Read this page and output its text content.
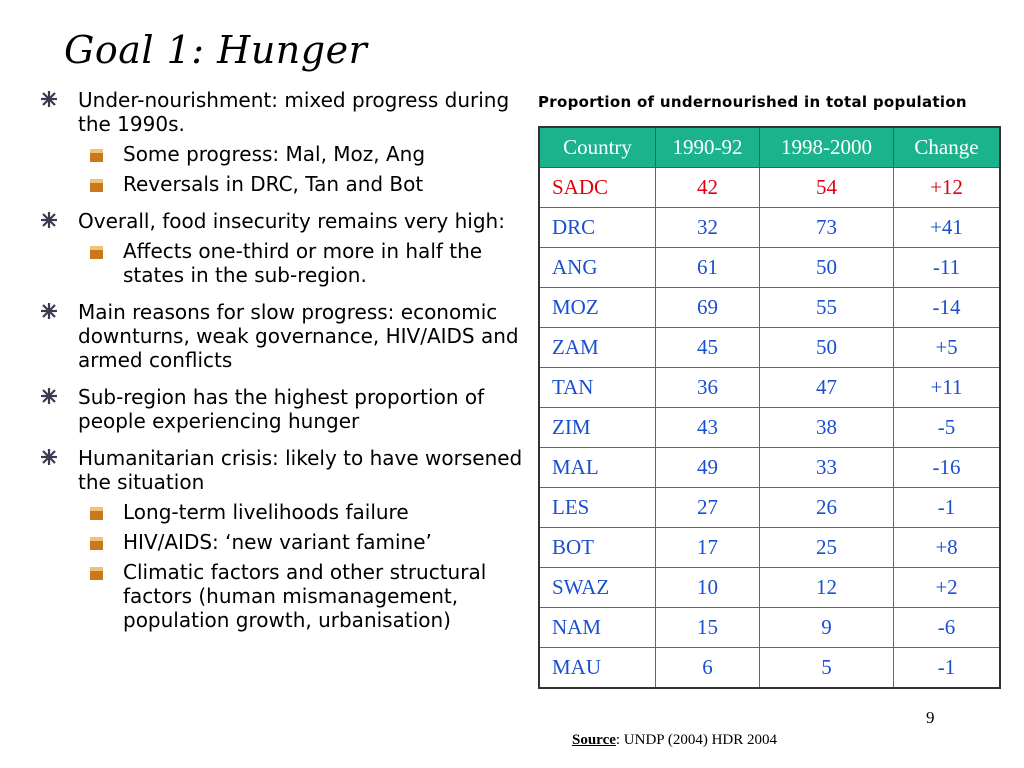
Goal 1: Hunger
Under-nourishment: mixed progress during the 1990s.
Some progress: Mal, Moz, Ang
Reversals in DRC, Tan and Bot
Overall, food insecurity remains very high:
Affects one-third or more in half the states in the sub-region.
Main reasons for slow progress: economic downturns, weak governance, HIV/AIDS and armed conflicts
Sub-region has the highest proportion of people experiencing hunger
Humanitarian crisis: likely to have worsened the situation
Long-term livelihoods failure
HIV/AIDS: ‘new variant famine’
Climatic factors and other structural factors (human mismanagement, population growth, urbanisation)
Proportion of undernourished in total population
Country	1990-92	1998-2000	Change
SADC	42	54	+12
DRC	32	73	+41
ANG	61	50	-11
MOZ	69	55	-14
ZAM	45	50	+5
TAN	36	47	+11
ZIM	43	38	-5
MAL	49	33	-16
LES	27	26	-1
BOT	17	25	+8
SWAZ	10	12	+2
NAM	15	9	-6
MAU	6	5	-1
9
Source: UNDP (2004) HDR 2004
